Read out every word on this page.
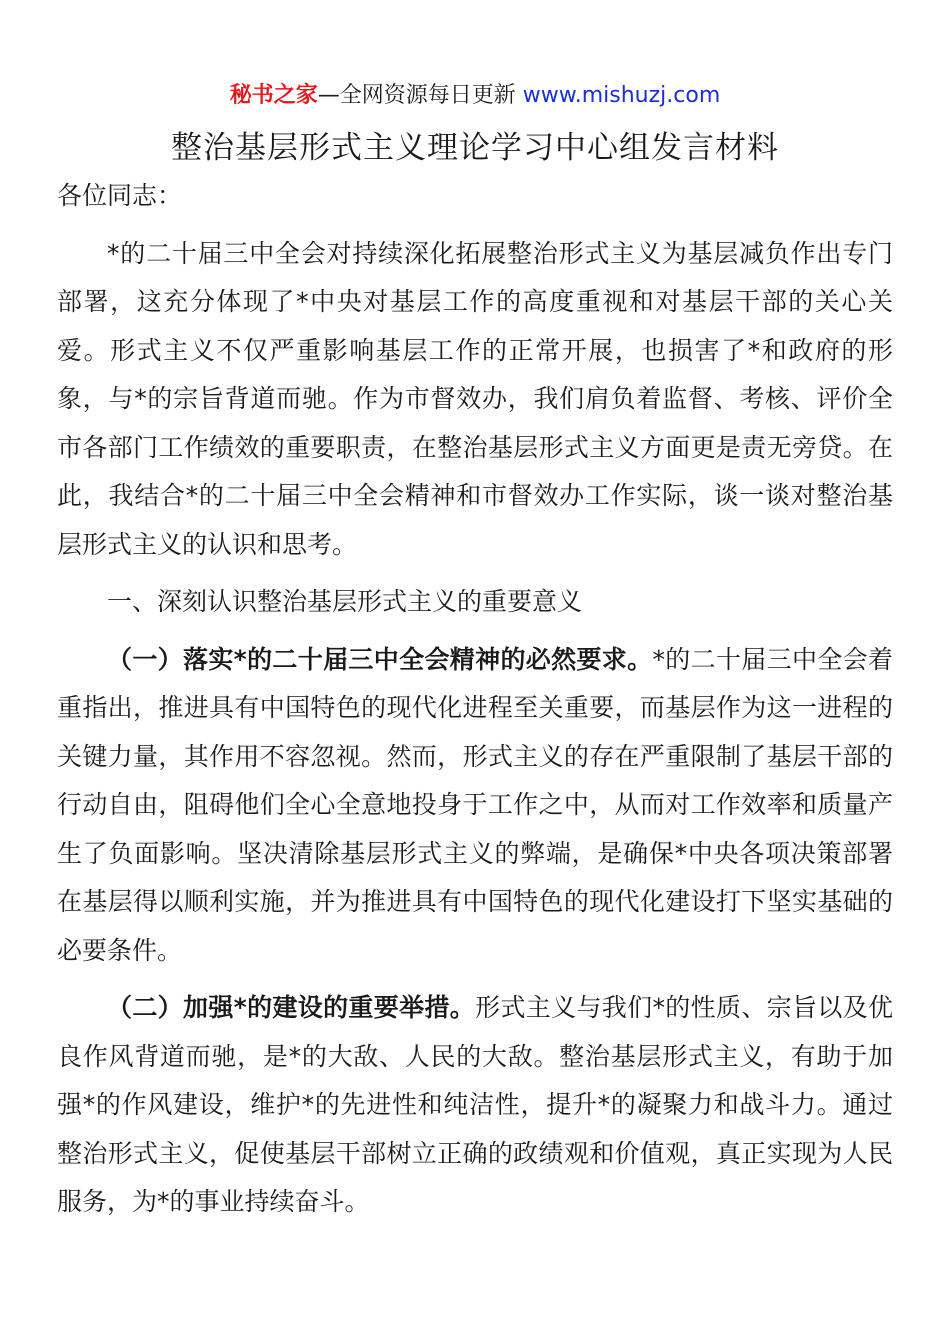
秘书之家—全网资源每日更新 www.mishuzj.com
整治基层形式主义理论学习中心组发言材料

各位同志：

*的二十届三中全会对持续深化拓展整治形式主义为基层减负作出专门部署，这充分体现了*中央对基层工作的高度重视和对基层干部的关心关爱。形式主义不仅严重影响基层工作的正常开展，也损害了*和政府的形象，与*的宗旨背道而驰。作为市督效办，我们肩负着监督、考核、评价全市各部门工作绩效的重要职责，在整治基层形式主义方面更是责无旁贷。在此，我结合*的二十届三中全会精神和市督效办工作实际，谈一谈对整治基层形式主义的认识和思考。

一、深刻认识整治基层形式主义的重要意义

（一）落实*的二十届三中全会精神的必然要求。*的二十届三中全会着重指出，推进具有中国特色的现代化进程至关重要，而基层作为这一进程的关键力量，其作用不容忽视。然而，形式主义的存在严重限制了基层干部的行动自由，阻碍他们全心全意地投身于工作之中，从而对工作效率和质量产生了负面影响。坚决清除基层形式主义的弊端，是确保*中央各项决策部署在基层得以顺利实施，并为推进具有中国特色的现代化建设打下坚实基础的必要条件。

（二）加强*的建设的重要举措。形式主义与我们*的性质、宗旨以及优良作风背道而驰，是*的大敌、人民的大敌。整治基层形式主义，有助于加强*的作风建设，维护*的先进性和纯洁性，提升*的凝聚力和战斗力。通过整治形式主义，促使基层干部树立正确的政绩观和价值观，真正实现为人民服务，为*的事业持续奋斗。
